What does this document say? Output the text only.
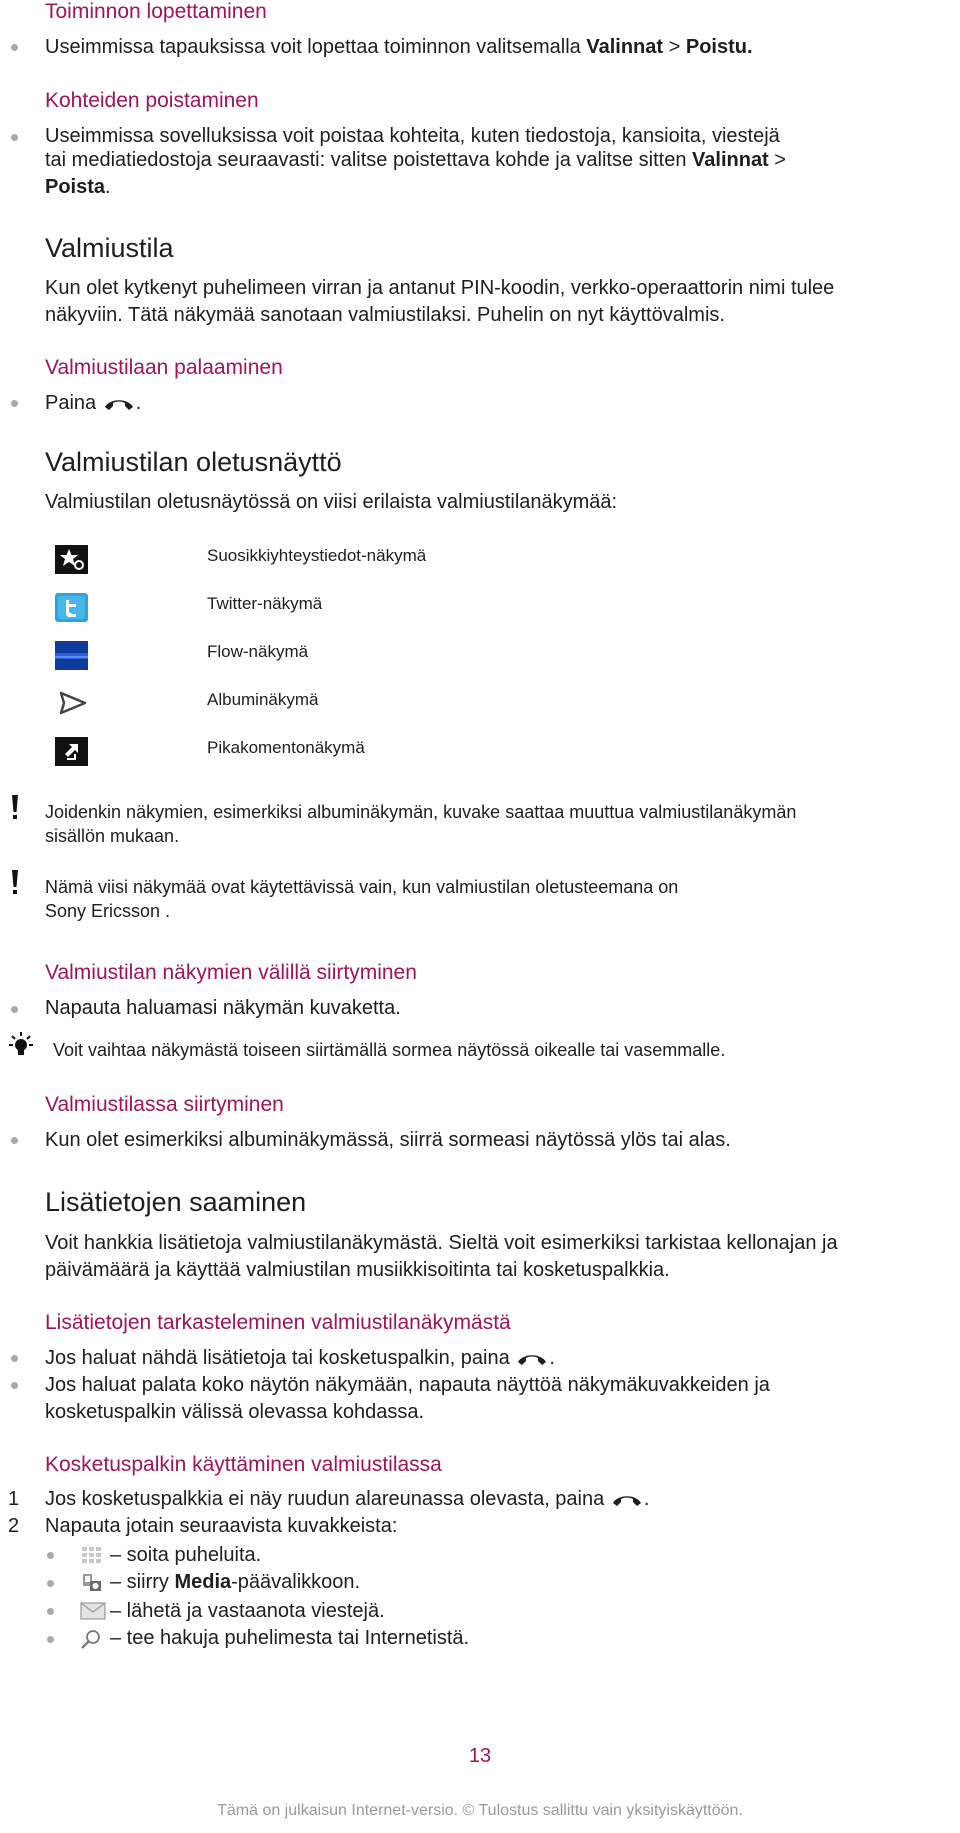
Toiminnon lopettaminen
Useimmissa tapauksissa voit lopettaa toiminnon valitsemalla Valinnat > Poistu.
Kohteiden poistaminen
Useimmissa sovelluksissa voit poistaa kohteita, kuten tiedostoja, kansioita, viestejä
tai mediatiedostoja seuraavasti: valitse poistettava kohde ja valitse sitten Valinnat >
Poista.
Valmiustila
Kun olet kytkenyt puhelimeen virran ja antanut PIN-koodin, verkko-operaattorin nimi tulee
näkyviin. Tätä näkymää sanotaan valmiustilaksi. Puhelin on nyt käyttövalmis.
Valmiustilaan palaaminen
Paina .
Valmiustilan oletusnäyttö
Valmiustilan oletusnäytössä on viisi erilaista valmiustilanäkymää:
Suosikkiyhteystiedot-näkymä
Twitter-näkymä
Flow-näkymä
Albuminäkymä
Pikakomentonäkymä
Joidenkin näkymien, esimerkiksi albuminäkymän, kuvake saattaa muuttua valmiustilanäkymän
sisällön mukaan.
Nämä viisi näkymää ovat käytettävissä vain, kun valmiustilan oletusteemana on
Sony Ericsson .
Valmiustilan näkymien välillä siirtyminen
Napauta haluamasi näkymän kuvaketta.
Voit vaihtaa näkymästä toiseen siirtämällä sormea näytössä oikealle tai vasemmalle.
Valmiustilassa siirtyminen
Kun olet esimerkiksi albuminäkymässä, siirrä sormeasi näytössä ylös tai alas.
Lisätietojen saaminen
Voit hankkia lisätietoja valmiustilanäkymästä. Sieltä voit esimerkiksi tarkistaa kellonajan ja
päivämäärä ja käyttää valmiustilan musiikkisoitinta tai kosketuspalkkia.
Lisätietojen tarkasteleminen valmiustilanäkymästä
Jos haluat nähdä lisätietoja tai kosketuspalkin, paina .
Jos haluat palata koko näytön näkymään, napauta näyttöä näkymäkuvakkeiden ja
kosketuspalkin välissä olevassa kohdassa.
Kosketuspalkin käyttäminen valmiustilassa
1 Jos kosketuspalkkia ei näy ruudun alareunassa olevasta, paina .
2 Napauta jotain seuraavista kuvakkeista:
– soita puheluita.
– siirry Media-päävalikkoon.
– lähetä ja vastaanota viestejä.
– tee hakuja puhelimesta tai Internetistä.
13
Tämä on julkaisun Internet-versio. © Tulostus sallittu vain yksityiskäyttöön.
